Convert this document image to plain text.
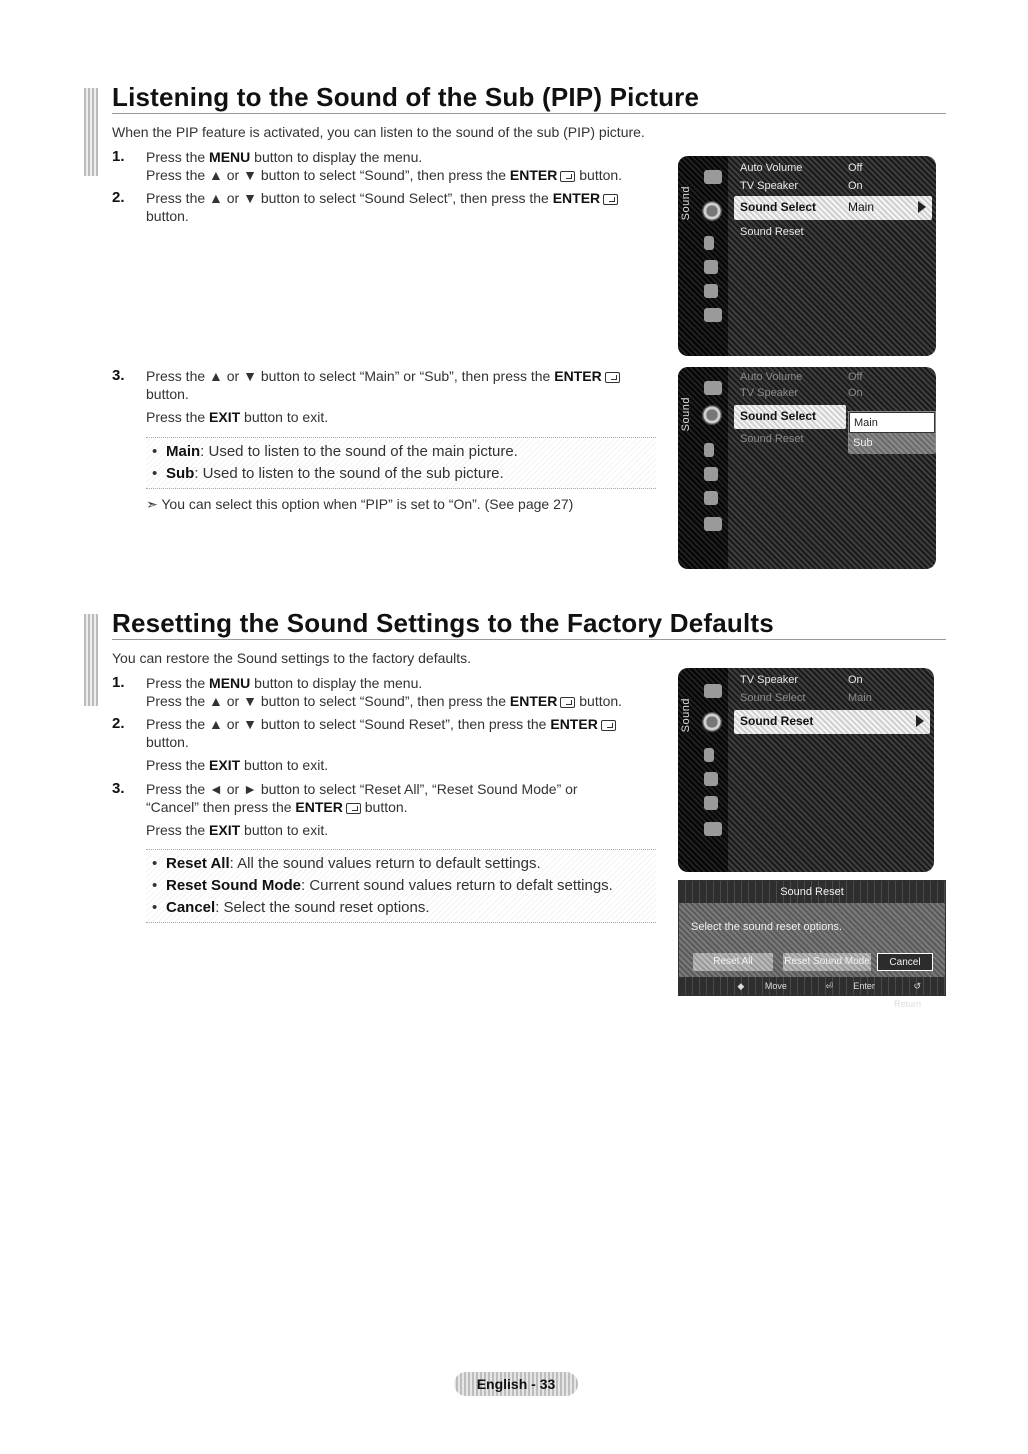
Listening to the Sound of the Sub (PIP) Picture
When the PIP feature is activated, you can listen to the sound of the sub (PIP) picture.
1. Press the MENU button to display the menu.
Press the ▲ or ▼ button to select “Sound”, then press the ENTER button.
2. Press the ▲ or ▼ button to select “Sound Select”, then press the ENTER
button.
3. Press the ▲ or ▼ button to select “Main” or “Sub”, then press the ENTER

button.

Press the EXIT button to exit.
• Main: Used to listen to the sound of the main picture.
• Sub: Used to listen to the sound of the sub picture.
➣ You can select this option when “PIP” is set to “On”. (See page 27)
Sound
Auto Volume	Off
TV Speaker	On
Sound Select	Main
Sound Reset
Sound
Auto Volume	Off
TV Speaker	On
Sound Select
Sound Reset
Main
Sub
Resetting the Sound Settings to the Factory Defaults
You can restore the Sound settings to the factory defaults.
1. Press the MENU button to display the menu.
Press the ▲ or ▼ button to select “Sound”, then press the ENTER button.
2. Press the ▲ or ▼ button to select “Sound Reset”, then press the ENTER

button.

Press the EXIT button to exit.
3. Press the ◄ or ► button to select “Reset All”, “Reset Sound Mode” or

“Cancel” then press the ENTER button.

Press the EXIT button to exit.
• Reset All: All the sound values return to default settings.
• Reset Sound Mode: Current sound values return to defalt settings.
• Cancel: Select the sound reset options.
Sound
TV Speaker	On
Sound Select	Main
Sound Reset
Sound Reset
Select the sound reset options.
Reset All	Reset Sound Mode	Cancel
◆ Move	⏎ Enter	↺ Return
English - 33
